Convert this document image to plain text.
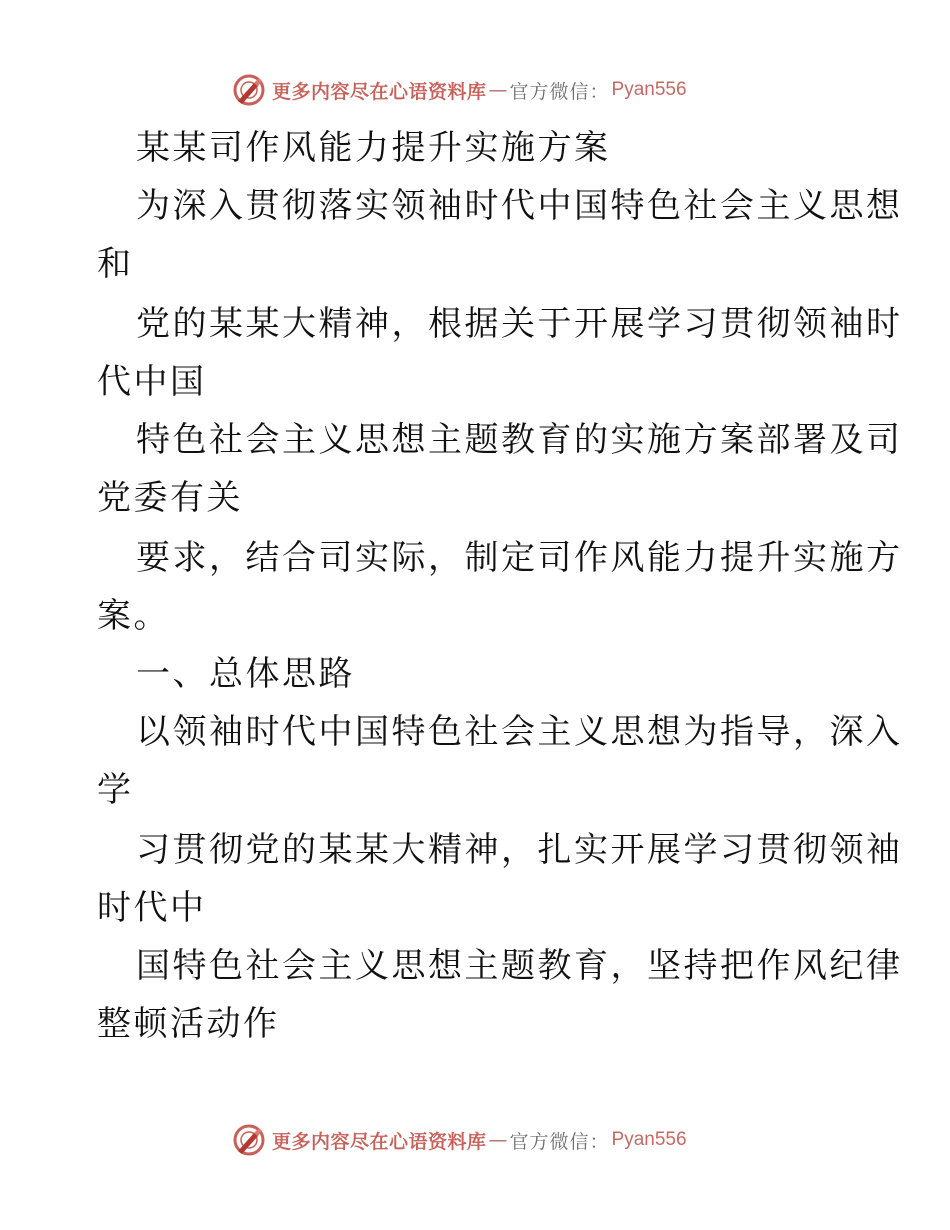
更多内容尽在心语资料库 — 官方微信： Pyan556
某某司作风能力提升实施方案
为深入贯彻落实领袖时代中国特色社会主义思想
和
党的某某大精神，根据关于开展学习贯彻领袖时
代中国
特色社会主义思想主题教育的实施方案部署及司
党委有关
要求，结合司实际，制定司作风能力提升实施方
案。
一、总体思路
以领袖时代中国特色社会主义思想为指导，深入
学
习贯彻党的某某大精神，扎实开展学习贯彻领袖
时代中
国特色社会主义思想主题教育，坚持把作风纪律
整顿活动作
更多内容尽在心语资料库 — 官方微信： Pyan556
